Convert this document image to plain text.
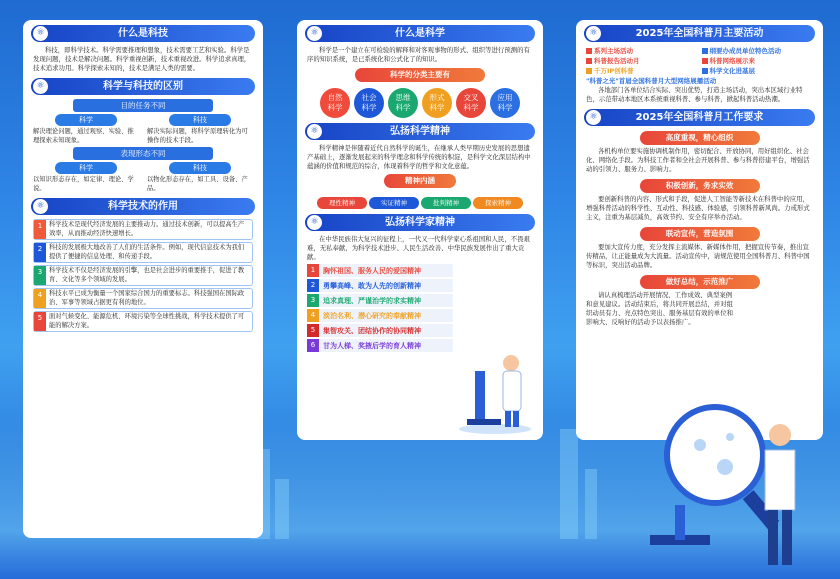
⚛	什么是科技

科技，即科学技术。科学需要推理和想象，技术需要工艺和实验。科学是发现问题，技术是解决问题。科学重视创新，技术重视改进。科学追求真理，技术追求功用。科学探索未知的，技术是满足人类的需要。

⚛	科学与科技的区别
目的任务不同
科学
解决理论问题，通过观察、实验、推理探索未知现象。
科技
解决实际问题，将科学原理转化为可操作的技术手段。
表现形态不同
科学
以知识形态存在，如定律、理论、学说。
科技
以物化形态存在，如工具、设备、产品。
⚛	科学技术的作用
1	科学技术是现代经济发展的主要推动力。通过技术创新，可以提高生产效率，从而推动经济快速增长。
2	科技的发展极大地改善了人们的生活条件。例如，现代信息技术为我们提供了便捷的信息处理、和传递手段。
3	科学技术不仅是经济发展的引擎，也是社会进步的重要推手，促进了教育、文化等多个领域的发展。
4	科技水平已成为衡量一个国家综合国力的重要标志。科技强国在国际政治、军事等领域占据更有利的地位。
5	面对气候变化、能源危机、环境污染等全球性挑战，科学技术提供了可能的解决方案。
⚛	什么是科学

科学是一个建立在可检验的解释和对客观事物的形式、组织等进行预测的有序的知识系统，是已系统化和公式化了的知识。

科学的分类主要有
自然
科学
社会
科学
思维
科学
形式
科学
交叉
科学
应用
科学
⚛	弘扬科学精神

科学精神是伴随着近代自然科学的诞生，在继承人类早期历史发展的思想遗产基础上，逐渐发展起来的科学理念和科学传统的积淀，是科学文化深层结构中蕴涵的价值和规范的综合，体现着科学的哲学和文化意蕴。

精神内涵
理性精神	实证精神	批判精神	探索精神
⚛	弘扬科学家精神

在中华民族伟大复兴的征程上，一代又一代科学家心系祖国和人民，不畏艰难，无私奉献，为科学技术进步、人民生活改善、中华民族发展作出了重大贡献。

1	胸怀祖国、服务人民的爱国精神
2	勇攀高峰、敢为人先的创新精神
3	追求真理、严谨治学的求实精神
4	淡泊名利、潜心研究的奉献精神
5	集智攻关、团结协作的协同精神
6	甘为人梯、奖掖后学的育人精神
⚛	2025年全国科普月主要活动
系列主场活动	纲要办成员单位特色活动
科普报告活动月	科普网络展示来
千万IP创科普	科学文化进基层
"科普之光"首届全国科普月大型网络展播活动

各地部门各单位结合实际、突出优势，打造主场活动，突出本区域行业特色，示范带动本地区本系统重视科普、参与科普，掀起科普活动热潮。

⚛	2025年全国科普月工作要求
高度重视，精心组织

各机构单位要实施协调机制作用，密切配合、开放协同，用好组织化、社会化、网络化手段。为科技工作者和全社会开展科普、参与科普搭建平台，增强活动的引领力、服务力、影响力。

积极创新，务求实效

要创新科普的内容、形式和手段，促进人工智能等新技术在科普中的应用，增强科普活动的科学性、互动性、科技感、体验感，引领科普新风尚。力戒形式主义，注重为基层减负，高效节约、安全有序举办活动。

联动宣传，营造氛围

要加大宣传力度，充分发挥主流媒体、新媒体作用，把握宣传节奏，推出宣传精品，让正能量成为大流量。活动宣传中，请规范使用全国科普月、科普中国等标识，突出活动品牌。

做好总结，示范推广

请认真梳理活动开展情况、工作成效、典型案例和意见建议。活动结束后，将共同开展总结，并对组织动员有力、亮点特色突出、服务基层有效的单位和影响大、反响好的活动予以表扬推广。
